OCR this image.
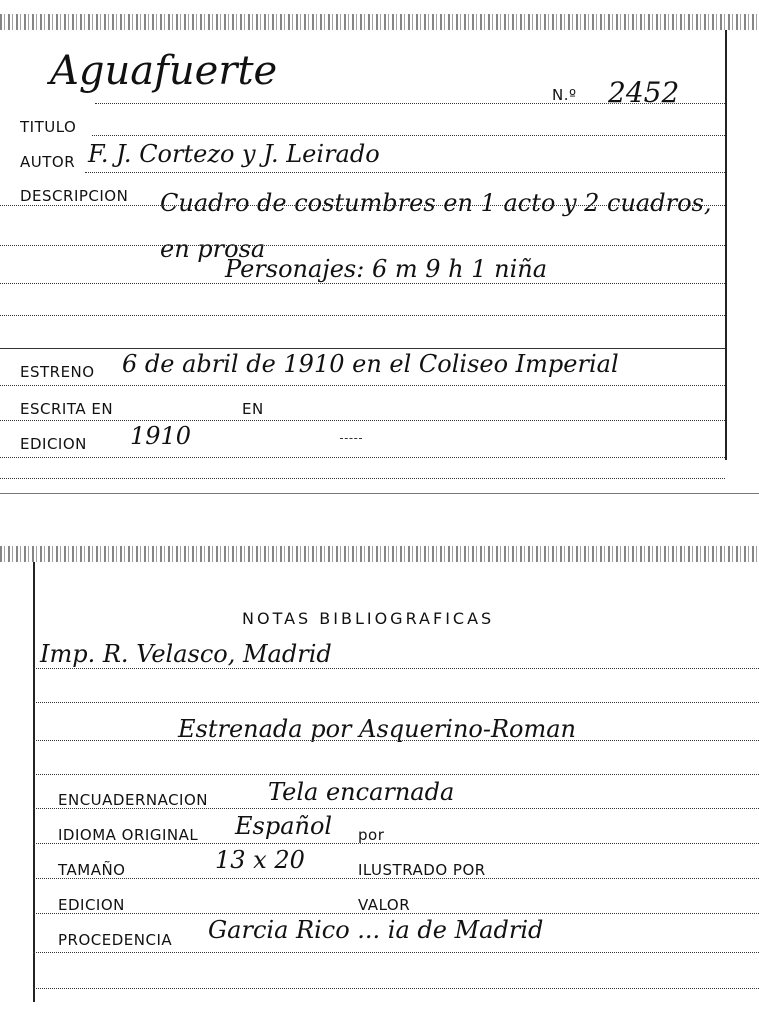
Aguafuerte
N.º 2452
TITULO
AUTOR F. J. Cortezo y J. Leirado
DESCRIPCION Cuadro de costumbres en 1 acto y 2 cuadros, en prosa
Personajes: 6 m 9 h 1 niña
ESTRENO 6 de abril de 1910 en el Coliseo Imperial
ESCRITA EN	EN
EDICION 1910
NOTAS BIBLIOGRAFICAS
Imp. R. Velasco, Madrid
Estrenada por Asquerino-Roman
ENCUADERNACION Tela encarnada
IDIOMA ORIGINAL Español por
TAMAÑO	13 x 20	ILUSTRADO POR
EDICION	VALOR
PROCEDENCIA Garcia Rico ... ia de Madrid
